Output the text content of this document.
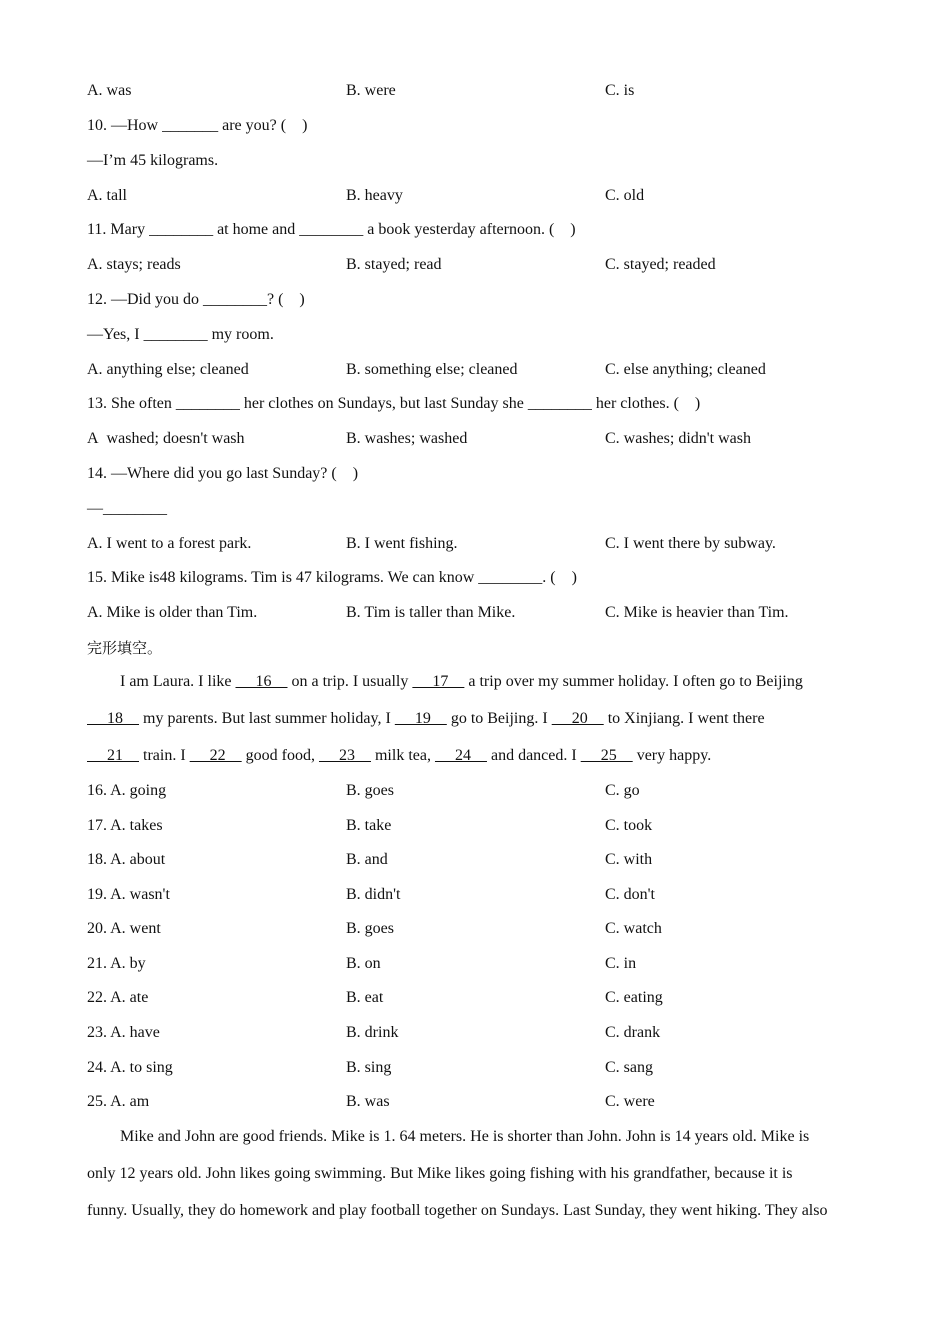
A. was	B. were	C. is
10. —How _______ are you? (    )
—I’m 45 kilograms.
A. tall	B. heavy	C. old
11. Mary ________ at home and ________ a book yesterday afternoon. (    )
A. stays; reads	B. stayed; read	C. stayed; readed
12. —Did you do ________? (    )
—Yes, I ________ my room.
A. anything else; cleaned	B. something else; cleaned	C. else anything; cleaned
13. She often ________ her clothes on Sundays, but last Sunday she ________ her clothes. (    )
A  washed; doesn't wash	B. washes; washed	C. washes; didn't wash
14. —Where did you go last Sunday? (    )
—________
A. I went to a forest park.	B. I went fishing.	C. I went there by subway.
15. Mike is48 kilograms. Tim is 47 kilograms. We can know ________. (    )
A. Mike is older than Tim.	B. Tim is taller than Mike.	C. Mike is heavier than Tim.
完形填空。
I am Laura. I like      16     on a trip. I usually      17     a trip over my summer holiday. I often go to Beijing
18     my parents. But last summer holiday, I      19     go to Beijing. I      20     to Xinjiang. I went there
21     train. I      22     good food,      23     milk tea,      24     and danced. I      25     very happy.
16. A. going	B. goes	C. go
17. A. takes	B. take	C. took
18. A. about	B. and	C. with
19. A. wasn't	B. didn't	C. don't
20. A. went	B. goes	C. watch
21. A. by	B. on	C. in
22. A. ate	B. eat	C. eating
23. A. have	B. drink	C. drank
24. A. to sing	B. sing	C. sang
25. A. am	B. was	C. were
Mike and John are good friends. Mike is 1. 64 meters. He is shorter than John. John is 14 years old. Mike is
only 12 years old. John likes going swimming. But Mike likes going fishing with his grandfather, because it is
funny. Usually, they do homework and play football together on Sundays. Last Sunday, they went hiking. They also
